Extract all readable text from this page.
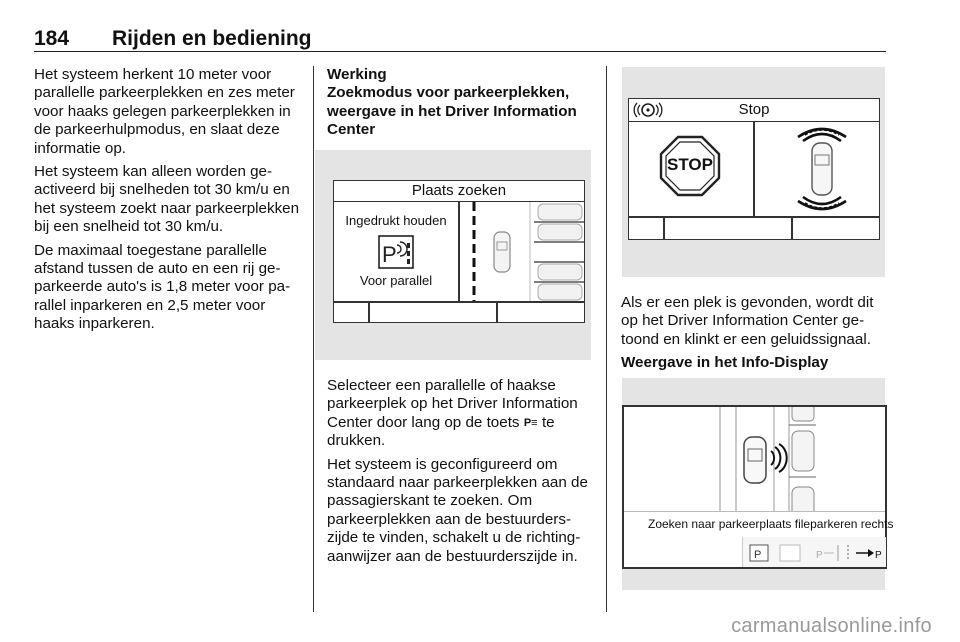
184 Rijden en bediening

Het systeem herkent 10 meter voor parallelle parkeerplekken en zes meter voor haaks gelegen parkeerplekken in de parkeerhulpmodus, en slaat deze informatie op.

Het systeem kan alleen worden geactiveerd bij snelheden tot 30 km/u en het systeem zoekt naar parkeerplekken bij een snelheid tot 30 km/u.

De maximaal toegestane parallelle afstand tussen de auto en een rij geparkeerde auto's is 1,8 meter voor parallel inparkeren en 2,5 meter voor haaks inparkeren.

Werking

Zoekmodus voor parkeerplekken, weergave in het Driver Information Center

Plaats zoeken
Ingedrukt houden
P
Voor parallel

Selecteer een parallelle of haakse parkeerplek op het Driver Information Center door lang op de toets P≡ te drukken.

Het systeem is geconfigureerd om standaard naar parkeerplekken aan de passagierskant te zoeken. Om parkeerplekken aan de bestuurderszijde te vinden, schakelt u de richtingaanwijzer aan de bestuurderszijde in.

Stop
STOP

Als er een plek is gevonden, wordt dit op het Driver Information Center getoond en klinkt er een geluidssignaal.

Weergave in het Info-Display

Zoeken naar parkeerplaats fileparkeren rechts
P	P	P
carmanualsonline.info
